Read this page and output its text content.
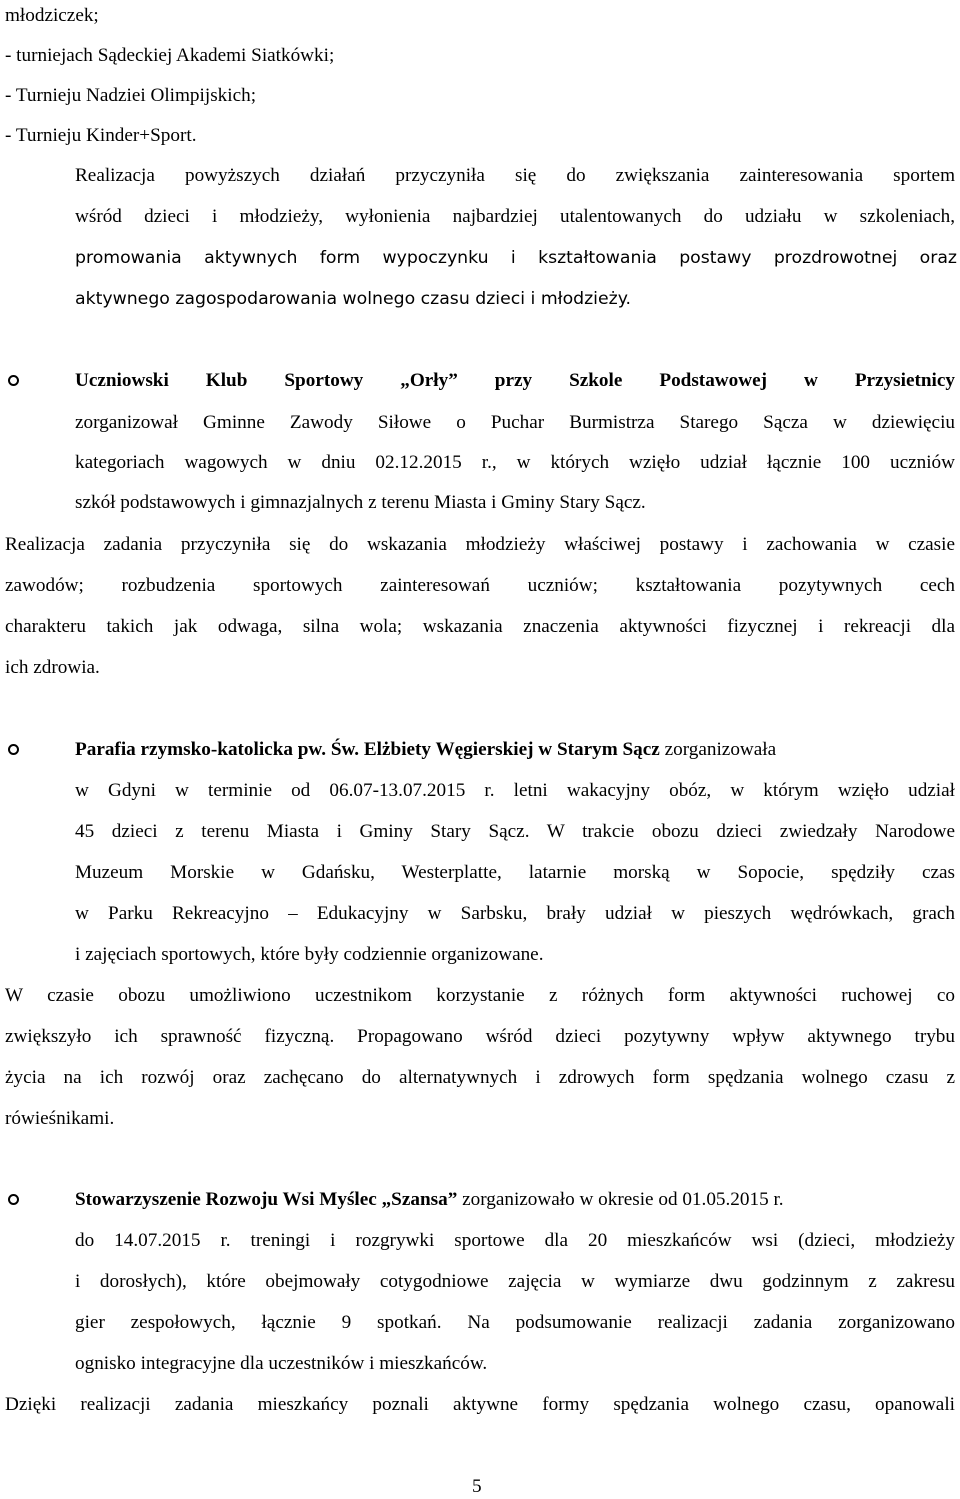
młodziczek;
- turniejach Sądeckiej Akademi Siatkówki;
- Turnieju Nadziei Olimpijskich;
- Turnieju Kinder+Sport.
Realizacja powyższych działań przyczyniła się do zwiększania zainteresowania sportem
wśród dzieci i młodzieży, wyłonienia najbardziej utalentowanych do udziału w szkoleniach,
promowania aktywnych form wypoczynku i kształtowania postawy prozdrowotnej oraz
aktywnego zagospodarowania wolnego czasu dzieci i młodzieży.
Uczniowski Klub Sportowy „Orły” przy Szkole Podstawowej w Przysietnicy
zorganizował Gminne Zawody Siłowe o Puchar Burmistrza Starego Sącza w dziewięciu
kategoriach wagowych w dniu 02.12.2015 r., w których wzięło udział łącznie 100 uczniów
szkół podstawowych i gimnazjalnych z terenu Miasta i Gminy Stary Sącz.
Realizacja zadania przyczyniła się do wskazania młodzieży właściwej postawy i zachowania w czasie
zawodów; rozbudzenia sportowych zainteresowań uczniów; kształtowania pozytywnych cech
charakteru takich jak odwaga, silna wola; wskazania znaczenia aktywności fizycznej i rekreacji dla
ich zdrowia.
Parafia rzymsko-katolicka pw. Św. Elżbiety Węgierskiej w Starym Sącz zorganizowała
w Gdyni w terminie od 06.07-13.07.2015 r. letni wakacyjny obóz, w którym wzięło udział
45 dzieci z terenu Miasta i Gminy Stary Sącz. W trakcie obozu dzieci zwiedzały Narodowe
Muzeum Morskie w Gdańsku, Westerplatte, latarnie morską w Sopocie, spędziły czas
w Parku Rekreacyjno – Edukacyjny w Sarbsku, brały udział w pieszych wędrówkach, grach
i zajęciach sportowych, które były codziennie organizowane.
W czasie obozu umożliwiono uczestnikom korzystanie z różnych form aktywności ruchowej co
zwiększyło ich sprawność fizyczną. Propagowano wśród dzieci pozytywny wpływ aktywnego trybu
życia na ich rozwój oraz zachęcano do alternatywnych i zdrowych form spędzania wolnego czasu z
rówieśnikami.
Stowarzyszenie Rozwoju Wsi Myślec „Szansa” zorganizowało w okresie od 01.05.2015 r.
do 14.07.2015 r. treningi i rozgrywki sportowe dla 20 mieszkańców wsi (dzieci, młodzieży
i dorosłych), które obejmowały cotygodniowe zajęcia w wymiarze dwu godzinnym z zakresu
gier zespołowych, łącznie 9 spotkań. Na podsumowanie realizacji zadania zorganizowano
ognisko integracyjne dla uczestników i mieszkańców.
Dzięki realizacji zadania mieszkańcy poznali aktywne formy spędzania wolnego czasu, opanowali
5
